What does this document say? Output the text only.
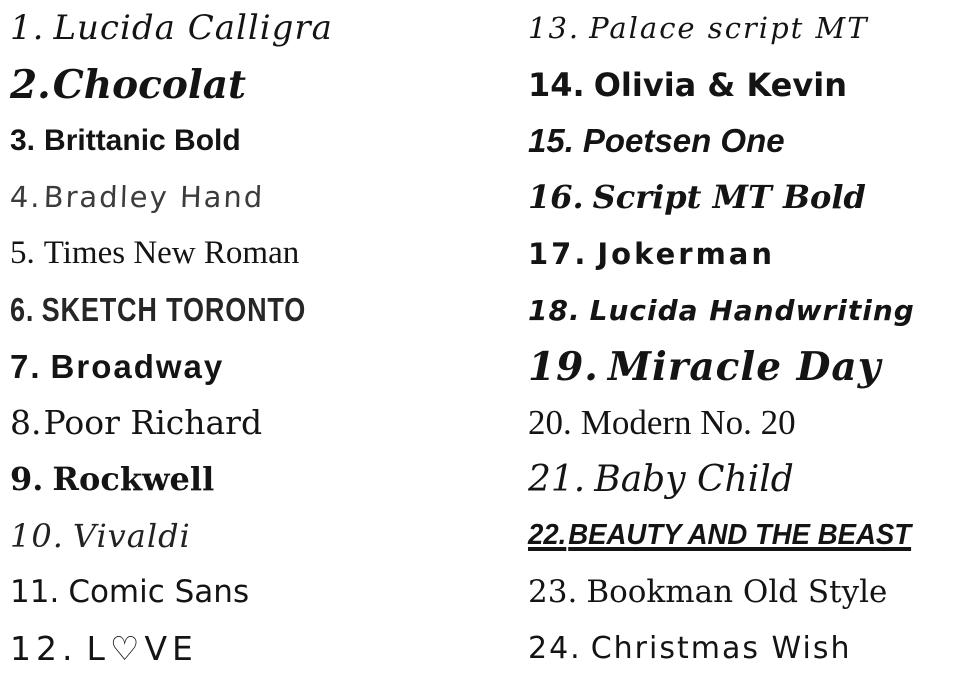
1. Lucida Calligra
2. Chocolat
3. Brittanic Bold
4. Bradley Hand
5. Times New Roman
6. SKETCH TORONTO
7. Broadway
8. Poor Richard
9. Rockwell
10. Vivaldi
11. Comic Sans
12. L♡VE
13. Palace script MT
14. Olivia & Kevin
15. Poetsen One
16. Script MT Bold
17. Jokerman
18. Lucida Handwriting
19. Miracle Day
20. Modern No. 20
21. Baby Child
22. BEAUTY AND THE BEAST
23. Bookman Old Style
24. Christmas Wish
